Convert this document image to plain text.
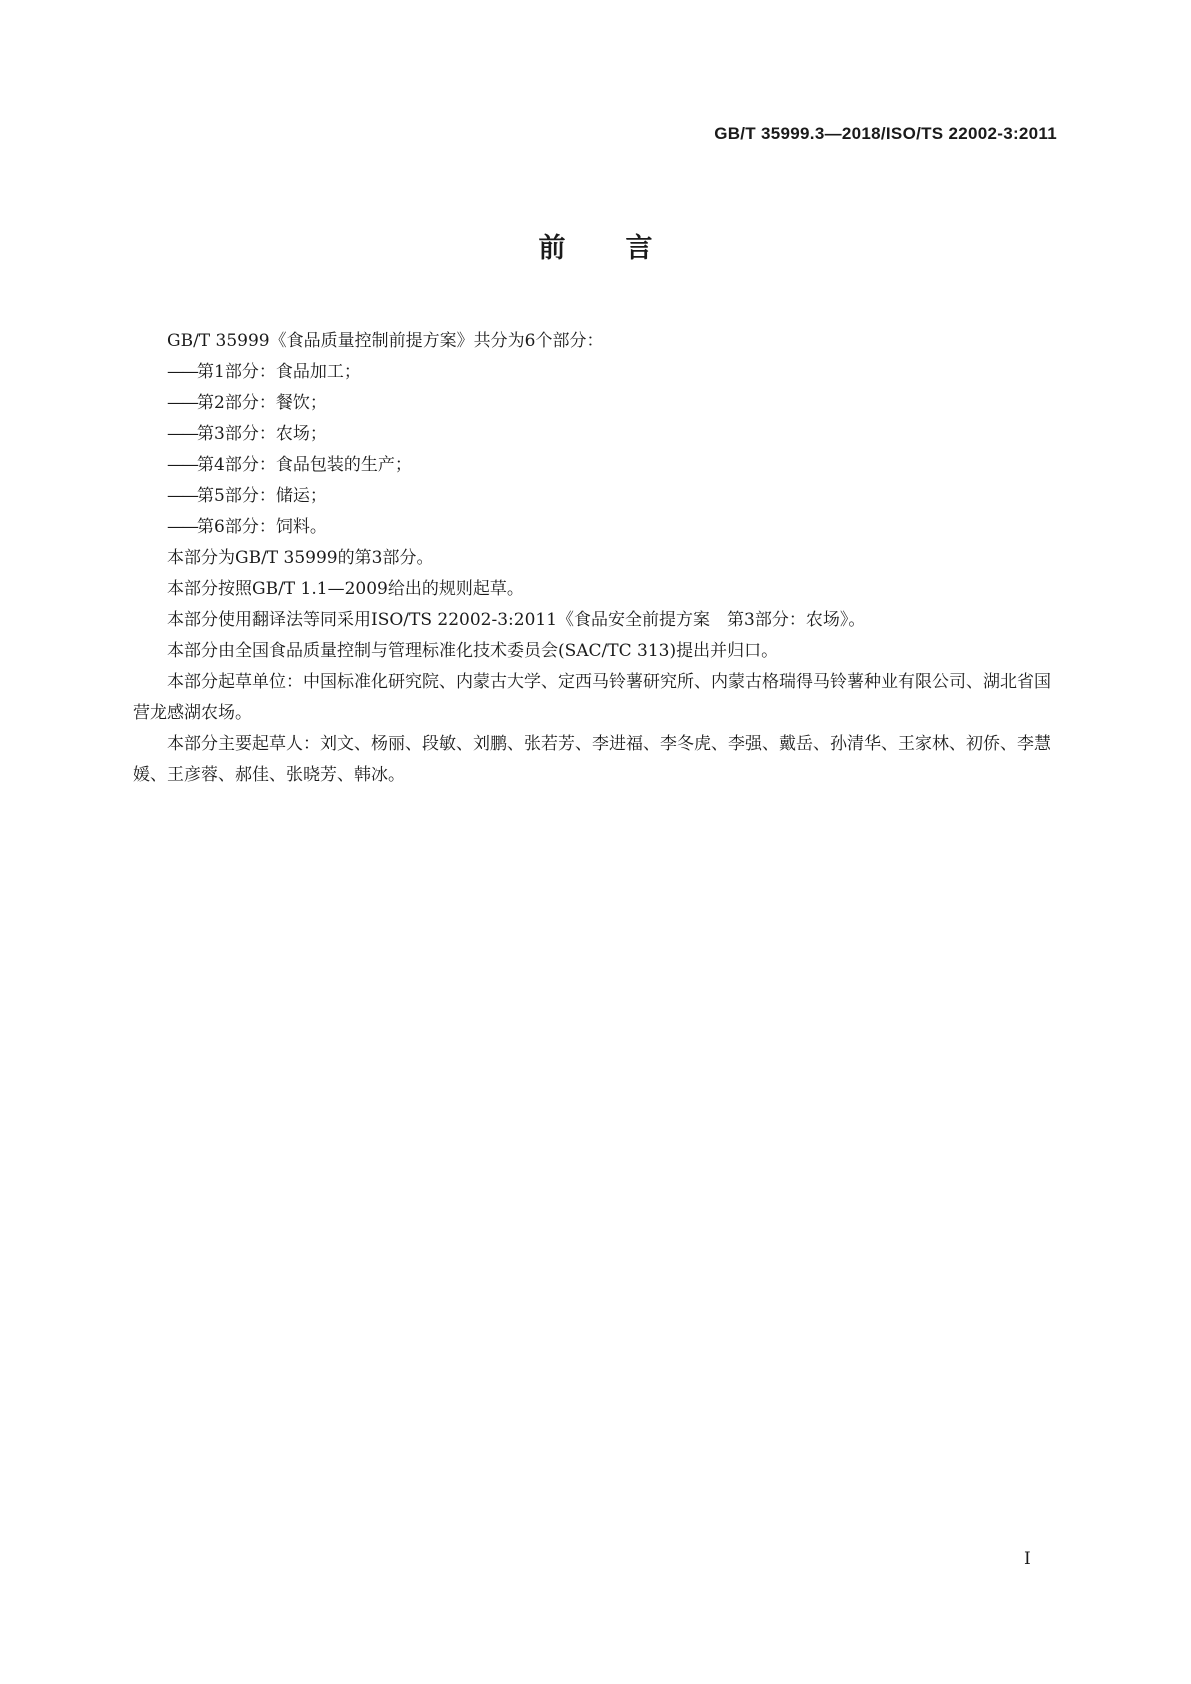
GB/T 35999.3—2018/ISO/TS 22002-3:2011
前言

GB/T 35999《食品质量控制前提方案》共分为6个部分：

——第1部分：食品加工；
——第2部分：餐饮；
——第3部分：农场；
——第4部分：食品包装的生产；
——第5部分：储运；
——第6部分：饲料。

本部分为GB/T 35999的第3部分。

本部分按照GB/T 1.1—2009给出的规则起草。

本部分使用翻译法等同采用ISO/TS 22002-3:2011《食品安全前提方案　第3部分：农场》。

本部分由全国食品质量控制与管理标准化技术委员会(SAC/TC 313)提出并归口。

本部分起草单位：中国标准化研究院、内蒙古大学、定西马铃薯研究所、内蒙古格瑞得马铃薯种业有限公司、湖北省国营龙感湖农场。

本部分主要起草人：刘文、杨丽、段敏、刘鹏、张若芳、李进福、李冬虎、李强、戴岳、孙清华、王家林、初侨、李慧媛、王彦蓉、郝佳、张晓芳、韩冰。

I
